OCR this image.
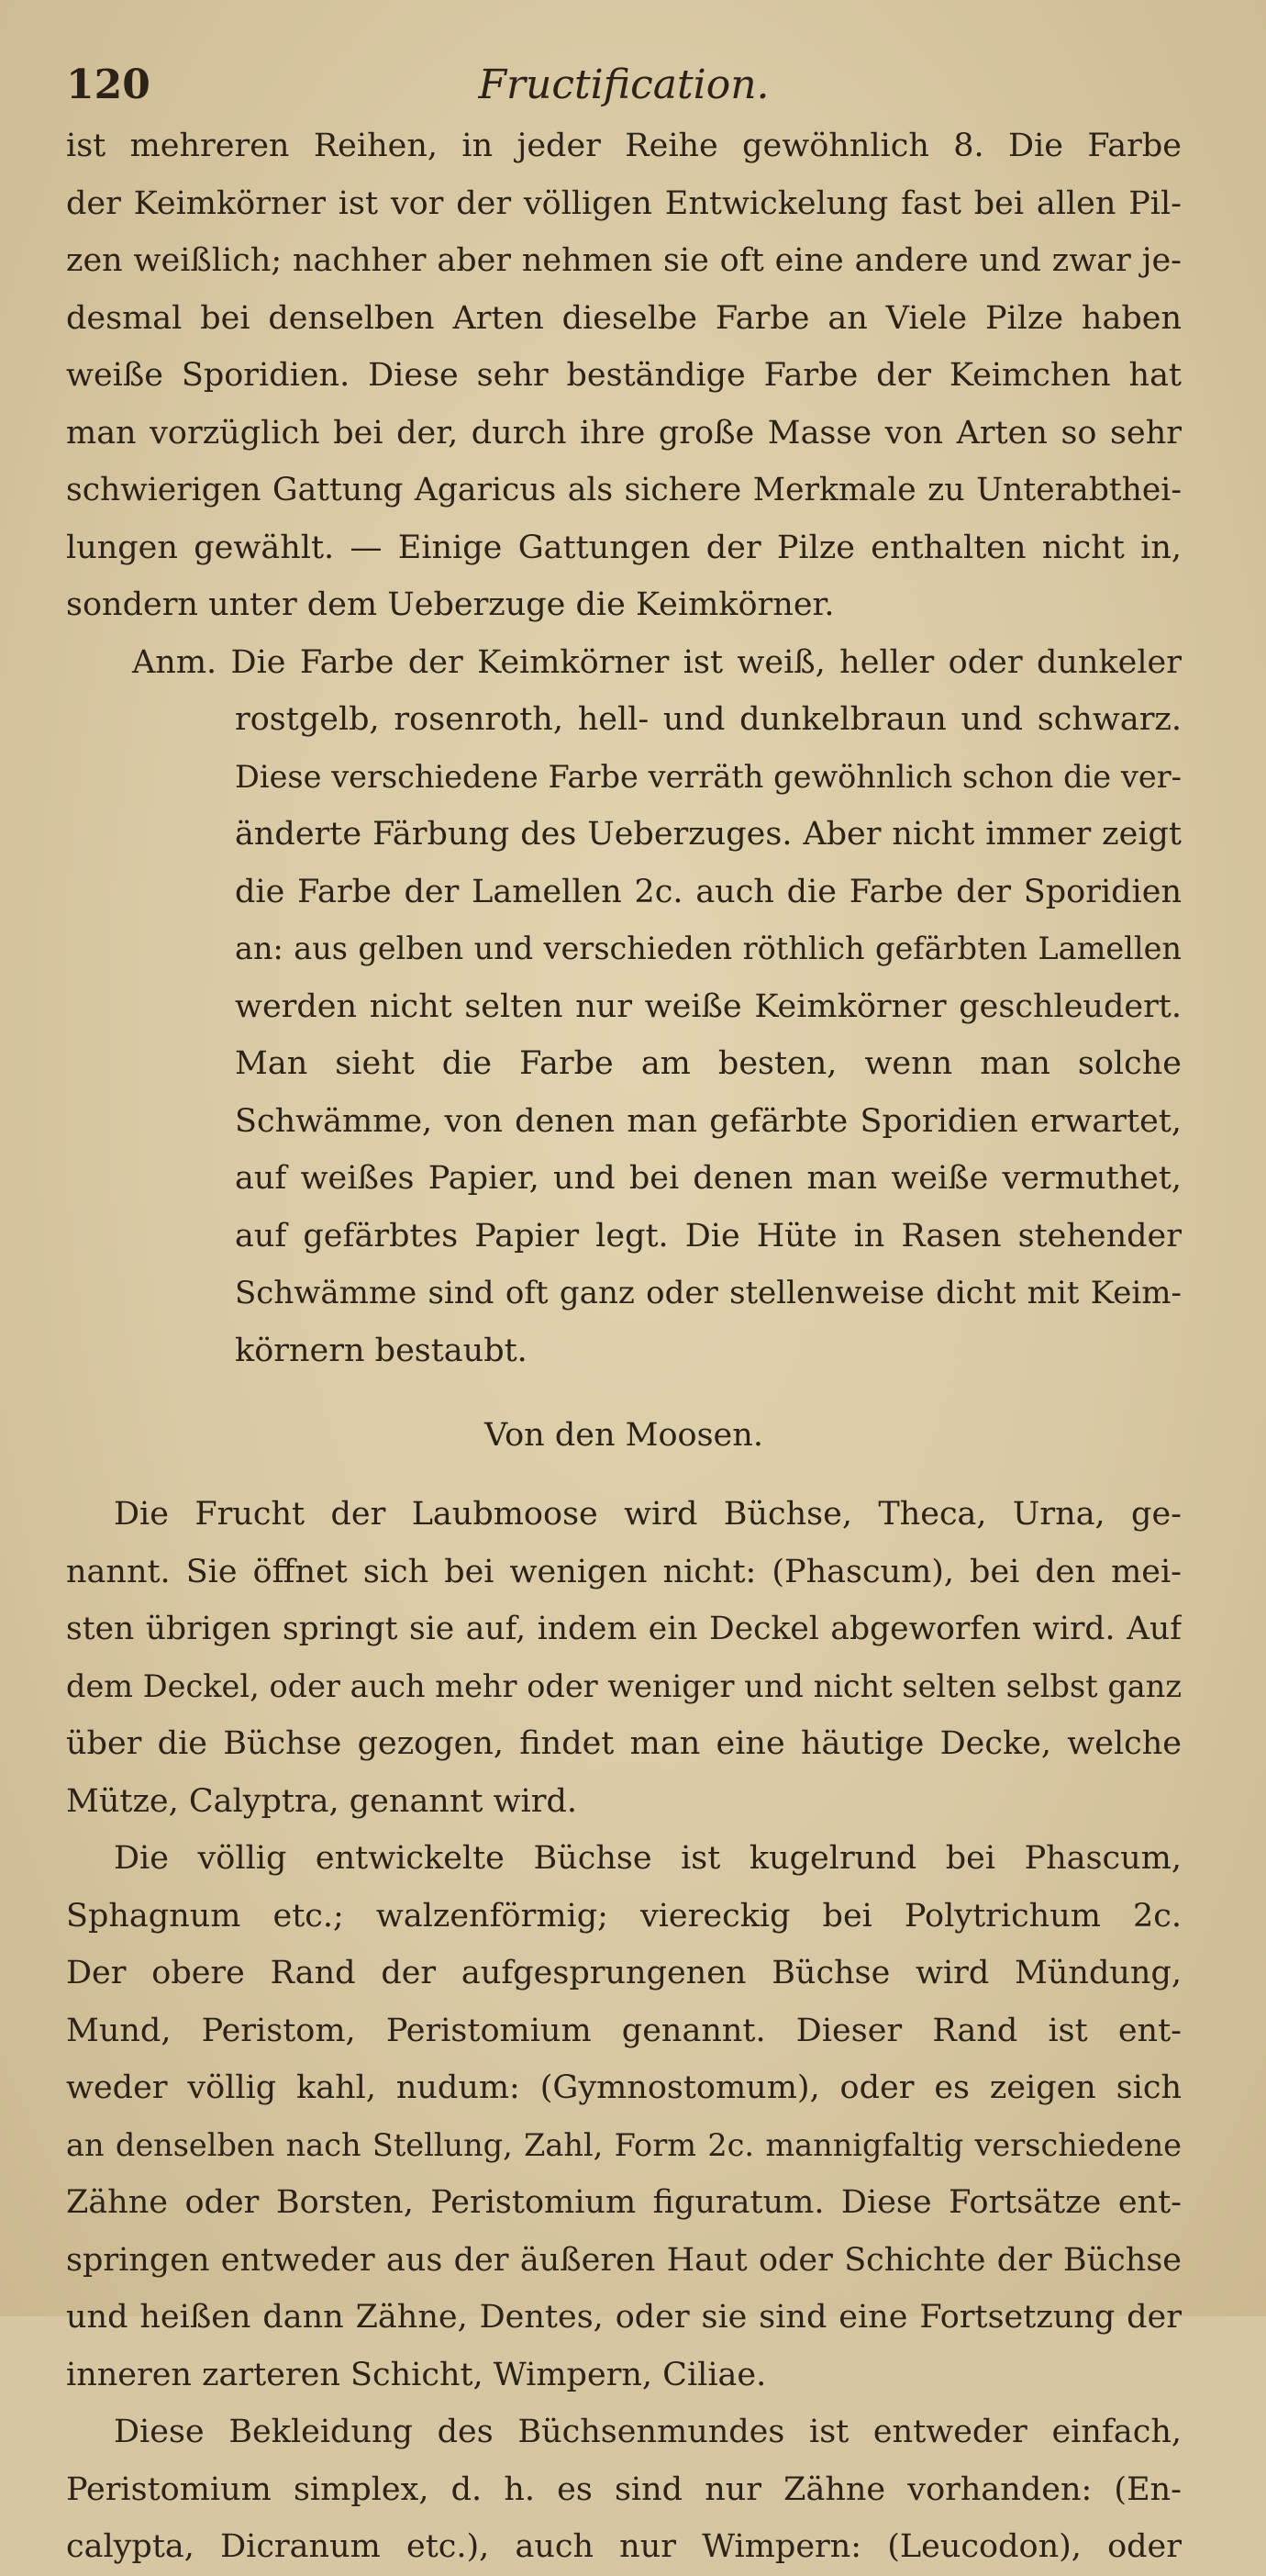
120	Fructification.

ist mehreren Reihen, in jeder Reihe gewöhnlich 8. Die Farbe
der Keimkörner ist vor der völligen Entwickelung fast bei allen Pil-
zen weißlich; nachher aber nehmen sie oft eine andere und zwar je-
desmal bei denselben Arten dieselbe Farbe an Viele Pilze haben
weiße Sporidien. Diese sehr beständige Farbe der Keimchen hat
man vorzüglich bei der, durch ihre große Masse von Arten so sehr
schwierigen Gattung Agaricus als sichere Merkmale zu Unterabthei-
lungen gewählt. — Einige Gattungen der Pilze enthalten nicht in,
sondern unter dem Ueberzuge die Keimkörner.

Anm. Die Farbe der Keimkörner ist weiß, heller oder dunkeler
rostgelb, rosenroth, hell- und dunkelbraun und schwarz.
Diese verschiedene Farbe verräth gewöhnlich schon die ver-
änderte Färbung des Ueberzuges. Aber nicht immer zeigt
die Farbe der Lamellen 2c. auch die Farbe der Sporidien
an: aus gelben und verschieden röthlich gefärbten Lamellen
werden nicht selten nur weiße Keimkörner geschleudert.
Man sieht die Farbe am besten, wenn man solche
Schwämme, von denen man gefärbte Sporidien erwartet,
auf weißes Papier, und bei denen man weiße vermuthet,
auf gefärbtes Papier legt. Die Hüte in Rasen stehender
Schwämme sind oft ganz oder stellenweise dicht mit Keim-
körnern bestaubt.

Von den Moosen.

Die Frucht der Laubmoose wird Büchse, Theca, Urna, ge-
nannt. Sie öffnet sich bei wenigen nicht: (Phascum), bei den mei-
sten übrigen springt sie auf, indem ein Deckel abgeworfen wird. Auf
dem Deckel, oder auch mehr oder weniger und nicht selten selbst ganz
über die Büchse gezogen, findet man eine häutige Decke, welche
Mütze, Calyptra, genannt wird.

Die völlig entwickelte Büchse ist kugelrund bei Phascum,
Sphagnum etc.; walzenförmig; viereckig bei Polytrichum 2c.
Der obere Rand der aufgesprungenen Büchse wird Mündung,
Mund, Peristom, Peristomium genannt. Dieser Rand ist ent-
weder völlig kahl, nudum: (Gymnostomum), oder es zeigen sich
an denselben nach Stellung, Zahl, Form 2c. mannigfaltig verschiedene
Zähne oder Borsten, Peristomium figuratum. Diese Fortsätze ent-
springen entweder aus der äußeren Haut oder Schichte der Büchse
und heißen dann Zähne, Dentes, oder sie sind eine Fortsetzung der
inneren zarteren Schicht, Wimpern, Ciliae.

Diese Bekleidung des Büchsenmundes ist entweder einfach,
Peristomium simplex, d. h. es sind nur Zähne vorhanden: (En-
calypta, Dicranum etc.), auch nur Wimpern: (Leucodon), oder
